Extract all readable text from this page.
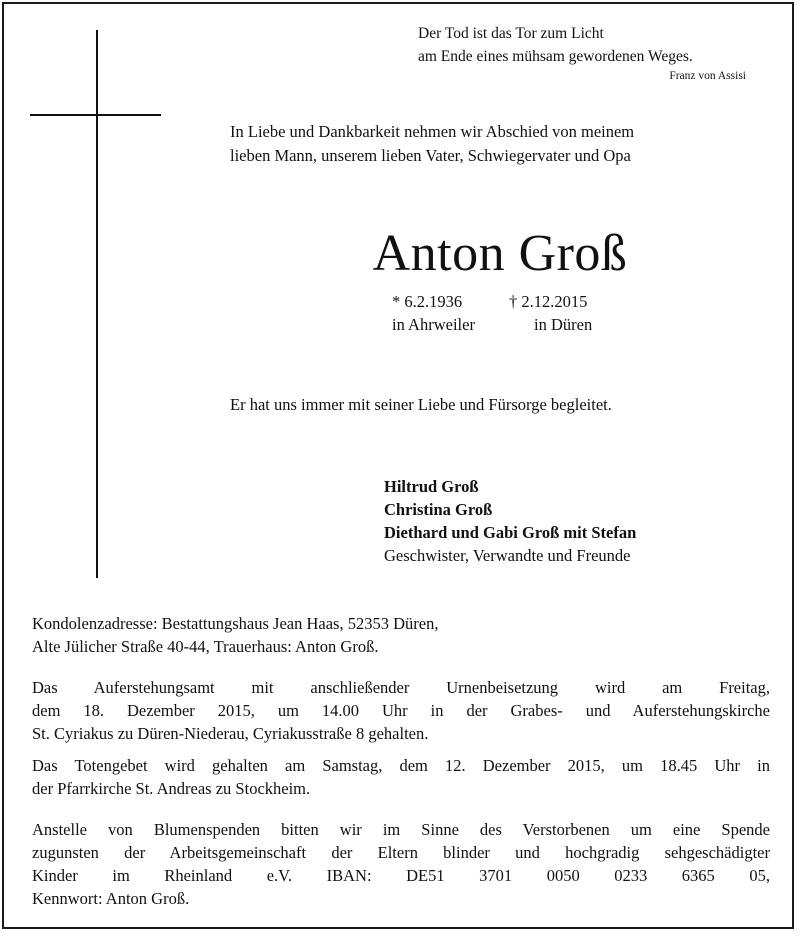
Der Tod ist das Tor zum Licht
am Ende eines mühsam gewordenen Weges.
Franz von Assisi
In Liebe und Dankbarkeit nehmen wir Abschied von meinem
lieben Mann, unserem lieben Vater, Schwiegervater und Opa
Anton Groß
* 6.2.1936
in Ahrweiler
† 2.12.2015
in Düren
Er hat uns immer mit seiner Liebe und Fürsorge begleitet.
Hiltrud Groß
Christina Groß
Diethard und Gabi Groß mit Stefan
Geschwister, Verwandte und Freunde
Kondolenzadresse: Bestattungshaus Jean Haas, 52353 Düren,
Alte Jülicher Straße 40-44, Trauerhaus: Anton Groß.
Das Auferstehungsamt mit anschließender Urnenbeisetzung wird am Freitag,
dem 18. Dezember 2015, um 14.00 Uhr in der Grabes- und Auferstehungskirche
St. Cyriakus zu Düren-Niederau, Cyriakusstraße 8 gehalten.
Das Totengebet wird gehalten am Samstag, dem 12. Dezember 2015, um 18.45 Uhr in
der Pfarrkirche St. Andreas zu Stockheim.
Anstelle von Blumenspenden bitten wir im Sinne des Verstorbenen um eine Spende
zugunsten der Arbeitsgemeinschaft der Eltern blinder und hochgradig sehgeschädigter
Kinder im Rheinland e.V. IBAN: DE51 3701 0050 0233 6365 05,
Kennwort: Anton Groß.
